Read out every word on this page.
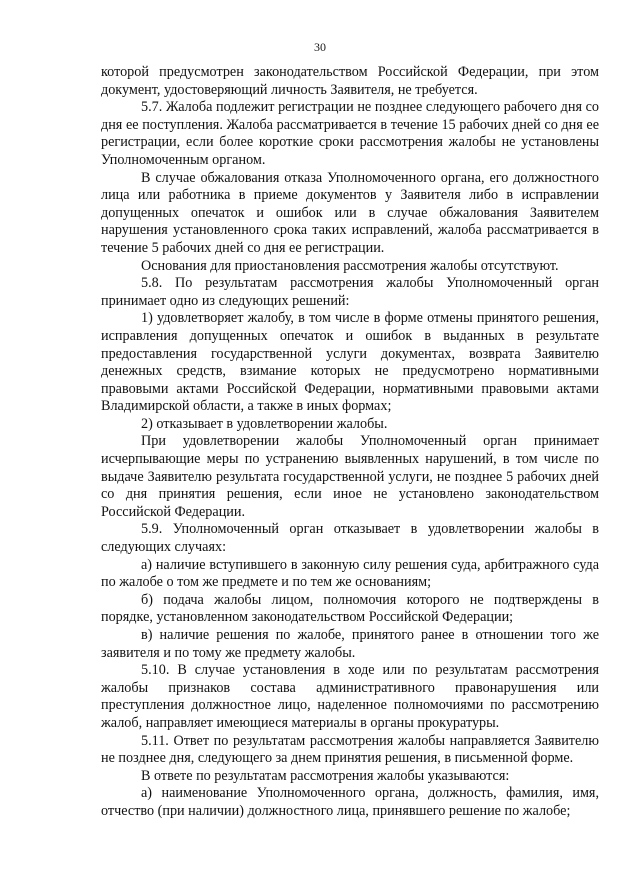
30

которой предусмотрен законодательством Российской Федерации, при этом документ, удостоверяющий личность Заявителя, не требуется.

5.7. Жалоба подлежит регистрации не позднее следующего рабочего дня со дня ее поступления. Жалоба рассматривается в течение 15 рабочих дней со дня ее регистрации, если более короткие сроки рассмотрения жалобы не установлены Уполномоченным органом.

В случае обжалования отказа Уполномоченного органа, его должностного лица или работника в приеме документов у Заявителя либо в исправлении допущенных опечаток и ошибок или в случае обжалования Заявителем нарушения установленного срока таких исправлений, жалоба рассматривается в течение 5 рабочих дней со дня ее регистрации.

Основания для приостановления рассмотрения жалобы отсутствуют.

5.8. По результатам рассмотрения жалобы Уполномоченный орган принимает одно из следующих решений:

1) удовлетворяет жалобу, в том числе в форме отмены принятого решения, исправления допущенных опечаток и ошибок в выданных в результате предоставления государственной услуги документах, возврата Заявителю денежных средств, взимание которых не предусмотрено нормативными правовыми актами Российской Федерации, нормативными правовыми актами Владимирской области, а также в иных формах;

2) отказывает в удовлетворении жалобы.

При удовлетворении жалобы Уполномоченный орган принимает исчерпывающие меры по устранению выявленных нарушений, в том числе по выдаче Заявителю результата государственной услуги, не позднее 5 рабочих дней со дня принятия решения, если иное не установлено законодательством Российской Федерации.

5.9. Уполномоченный орган отказывает в удовлетворении жалобы в следующих случаях:

а) наличие вступившего в законную силу решения суда, арбитражного суда по жалобе о том же предмете и по тем же основаниям;

б) подача жалобы лицом, полномочия которого не подтверждены в порядке, установленном законодательством Российской Федерации;

в) наличие решения по жалобе, принятого ранее в отношении того же заявителя и по тому же предмету жалобы.

5.10. В случае установления в ходе или по результатам рассмотрения жалобы признаков состава административного правонарушения или преступления должностное лицо, наделенное полномочиями по рассмотрению жалоб, направляет имеющиеся материалы в органы прокуратуры.

5.11. Ответ по результатам рассмотрения жалобы направляется Заявителю не позднее дня, следующего за днем принятия решения, в письменной форме.

В ответе по результатам рассмотрения жалобы указываются:

а) наименование Уполномоченного органа, должность, фамилия, имя, отчество (при наличии) должностного лица, принявшего решение по жалобе;
